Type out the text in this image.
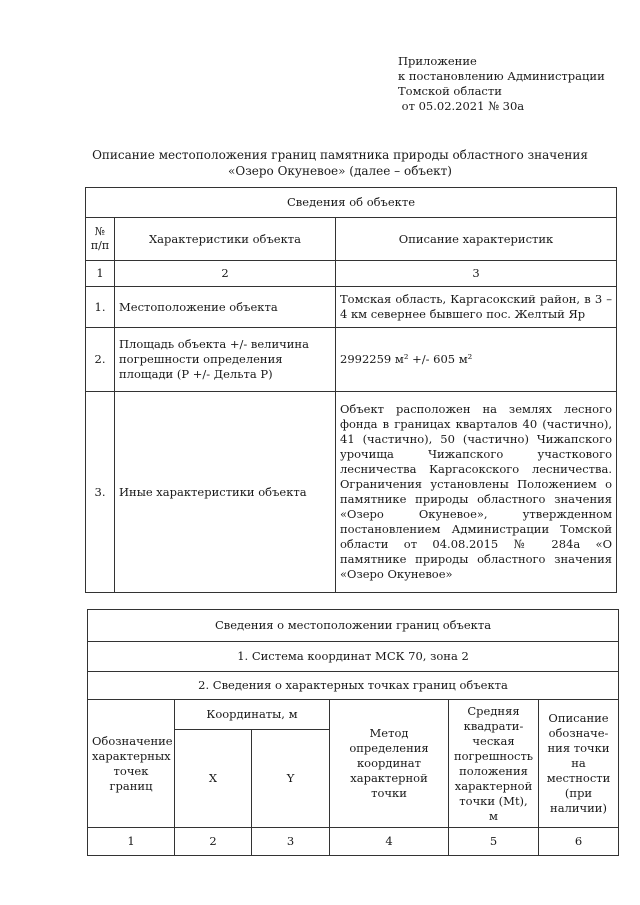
Приложение
к постановлению Администрации
Томской области
от 05.02.2021 № 30а
Описание местоположения границ памятника природы областного значения
«Озеро Окуневое» (далее – объект)
Сведения об объекте		
№ п/п	Характеристики объекта	Описание характеристик
1	2	3
1.	Местоположение объекта	Томская область, Каргасокский район, в 3 – 4 км севернее бывшего пос. Желтый Яр
2.	Площадь объекта +/- величина погрешности определения площади (P +/- Дельта P)	2992259 м² +/- 605 м²
3.	Иные характеристики объекта	Объект расположен на землях лесного фонда в границах кварталов 40 (частично), 41 (частично), 50 (частично) Чижапского урочища Чижапского участкового лесничества Каргасокского лесничества. Ограничения установлены Положением о памятнике природы областного значения «Озеро Окуневое», утвержденном постановлением Администрации Томской области от 04.08.2015 № 284а «О памятнике природы областного значения «Озеро Окуневое»
Сведения о местоположении границ объекта					
1. Система координат МСК 70, зона 2					
2. Сведения о характерных точках границ объекта					
Обозначение характерных точек границ	Координаты, м		Метод определения координат характерной точки	Средняя квадрати-ческая погрешность положения характерной точки (Mt), м	Описание обозначе-ния точки на местности (при наличии)
	X	Y			
1	2	3	4	5	6
